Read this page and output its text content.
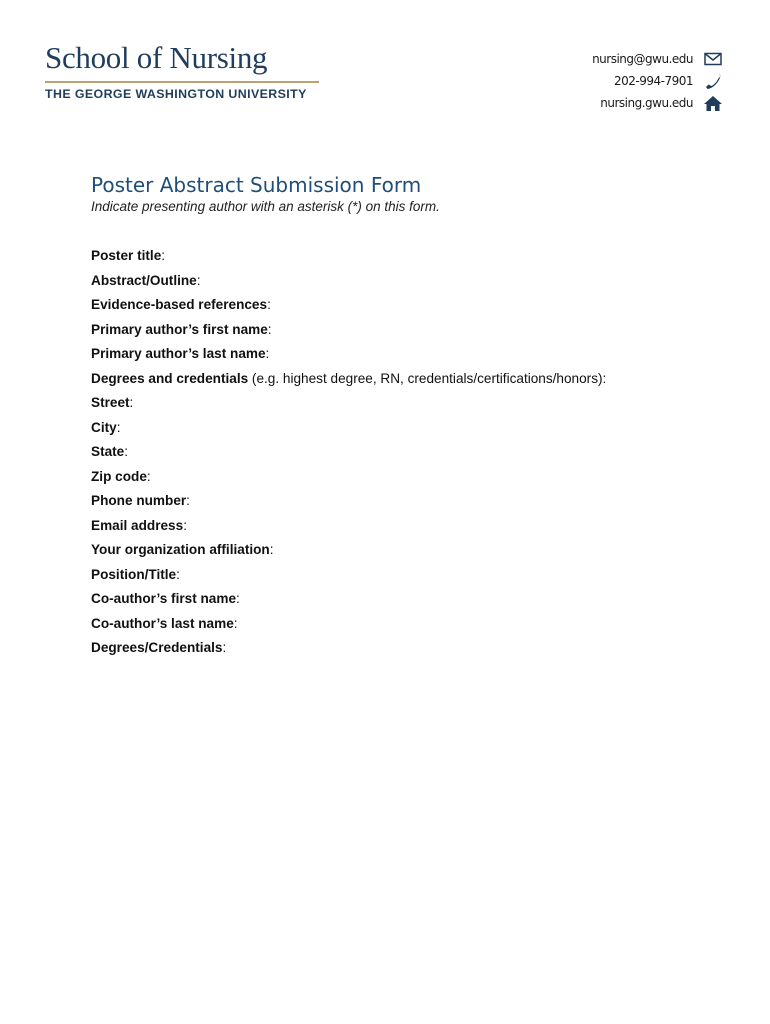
School of Nursing
THE GEORGE WASHINGTON UNIVERSITY
nursing@gwu.edu
202-994-7901
nursing.gwu.edu
Poster Abstract Submission Form
Indicate presenting author with an asterisk (*) on this form.
Poster title:
Abstract/Outline:
Evidence-based references:
Primary author’s first name:
Primary author’s last name:
Degrees and credentials (e.g. highest degree, RN, credentials/certifications/honors):
Street:
City:
State:
Zip code:
Phone number:
Email address:
Your organization affiliation:
Position/Title:
Co-author’s first name:
Co-author’s last name:
Degrees/Credentials:
